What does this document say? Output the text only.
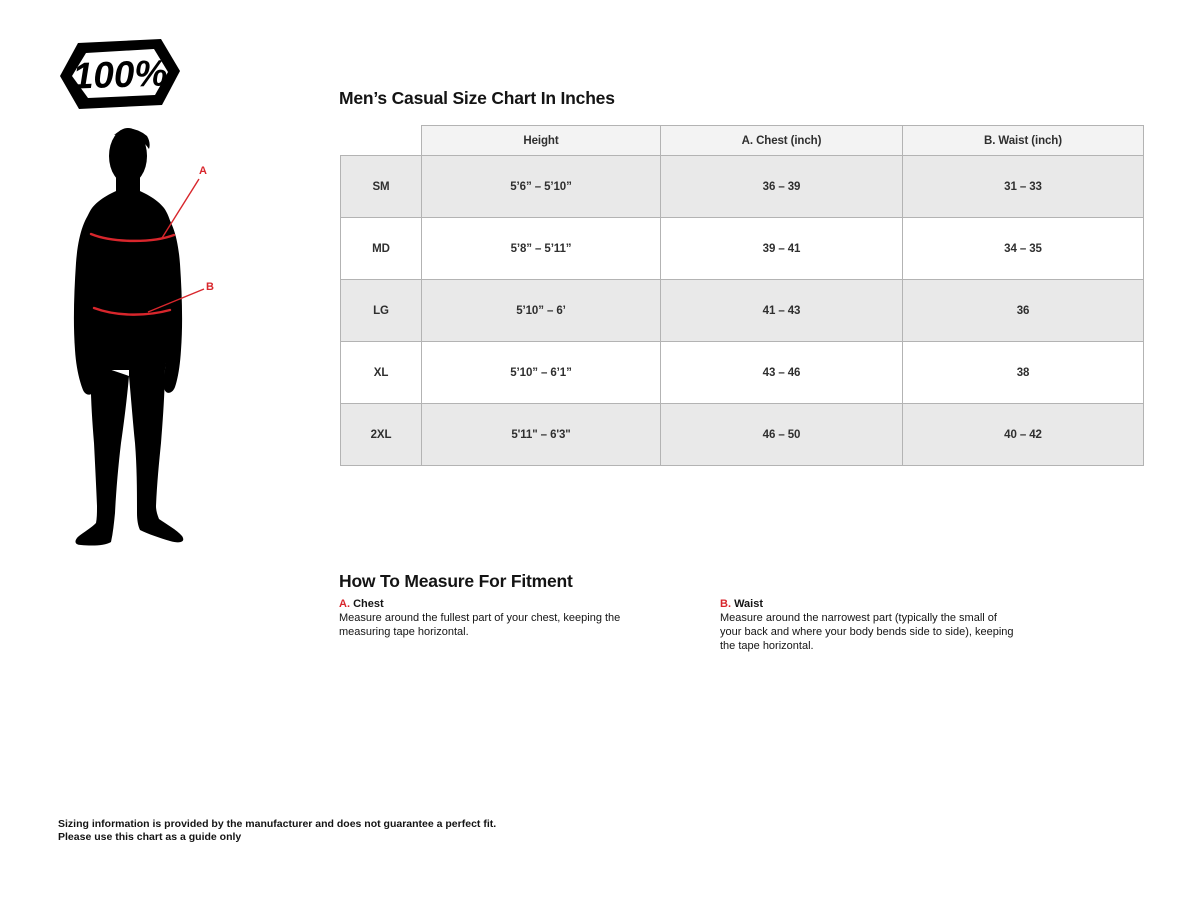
100%
A
B
Men’s Casual Size Chart In Inches
	Height	A. Chest (inch)	B. Waist (inch)
SM	5’6” – 5’10”	36 – 39	31 – 33
MD	5’8” – 5’11”	39 – 41	34 – 35
LG	5’10” – 6’	41 – 43	36
XL	5’10” – 6’1”	43 – 46	38
2XL	5'11" – 6'3"	46 – 50	40 – 42
How To Measure For Fitment
A. Chest
Measure around the fullest part of your chest, keeping the measuring tape horizontal.
B. Waist
Measure around the narrowest part (typically the small of your back and where your body bends side to side), keeping the tape horizontal.
Sizing information is provided by the manufacturer and does not guarantee a perfect fit.
Please use this chart as a guide only
